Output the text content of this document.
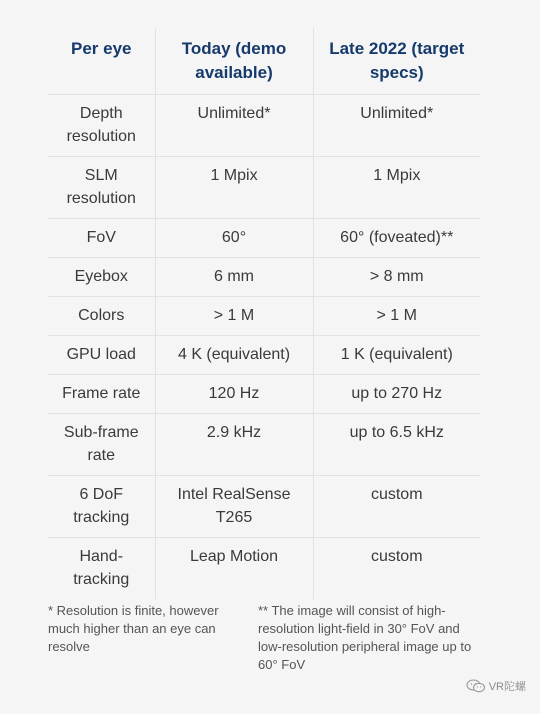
Per eye	Today (demo available)	Late 2022 (target specs)
Depth resolution	Unlimited*	Unlimited*
SLM resolution	1 Mpix	1 Mpix
FoV	60°	60° (foveated)**
Eyebox	6 mm	> 8 mm
Colors	> 1 M	> 1 M
GPU load	4 K (equivalent)	1 K (equivalent)
Frame rate	120 Hz	up to 270 Hz
Sub-frame rate	2.9 kHz	up to 6.5 kHz
6 DoF tracking	Intel RealSense T265	custom
Hand-tracking	Leap Motion	custom
* Resolution is finite, however much higher than an eye can resolve
** The image will consist of high-resolution light-field in 30° FoV and low-resolution peripheral image up to 60° FoV
VR陀螺
